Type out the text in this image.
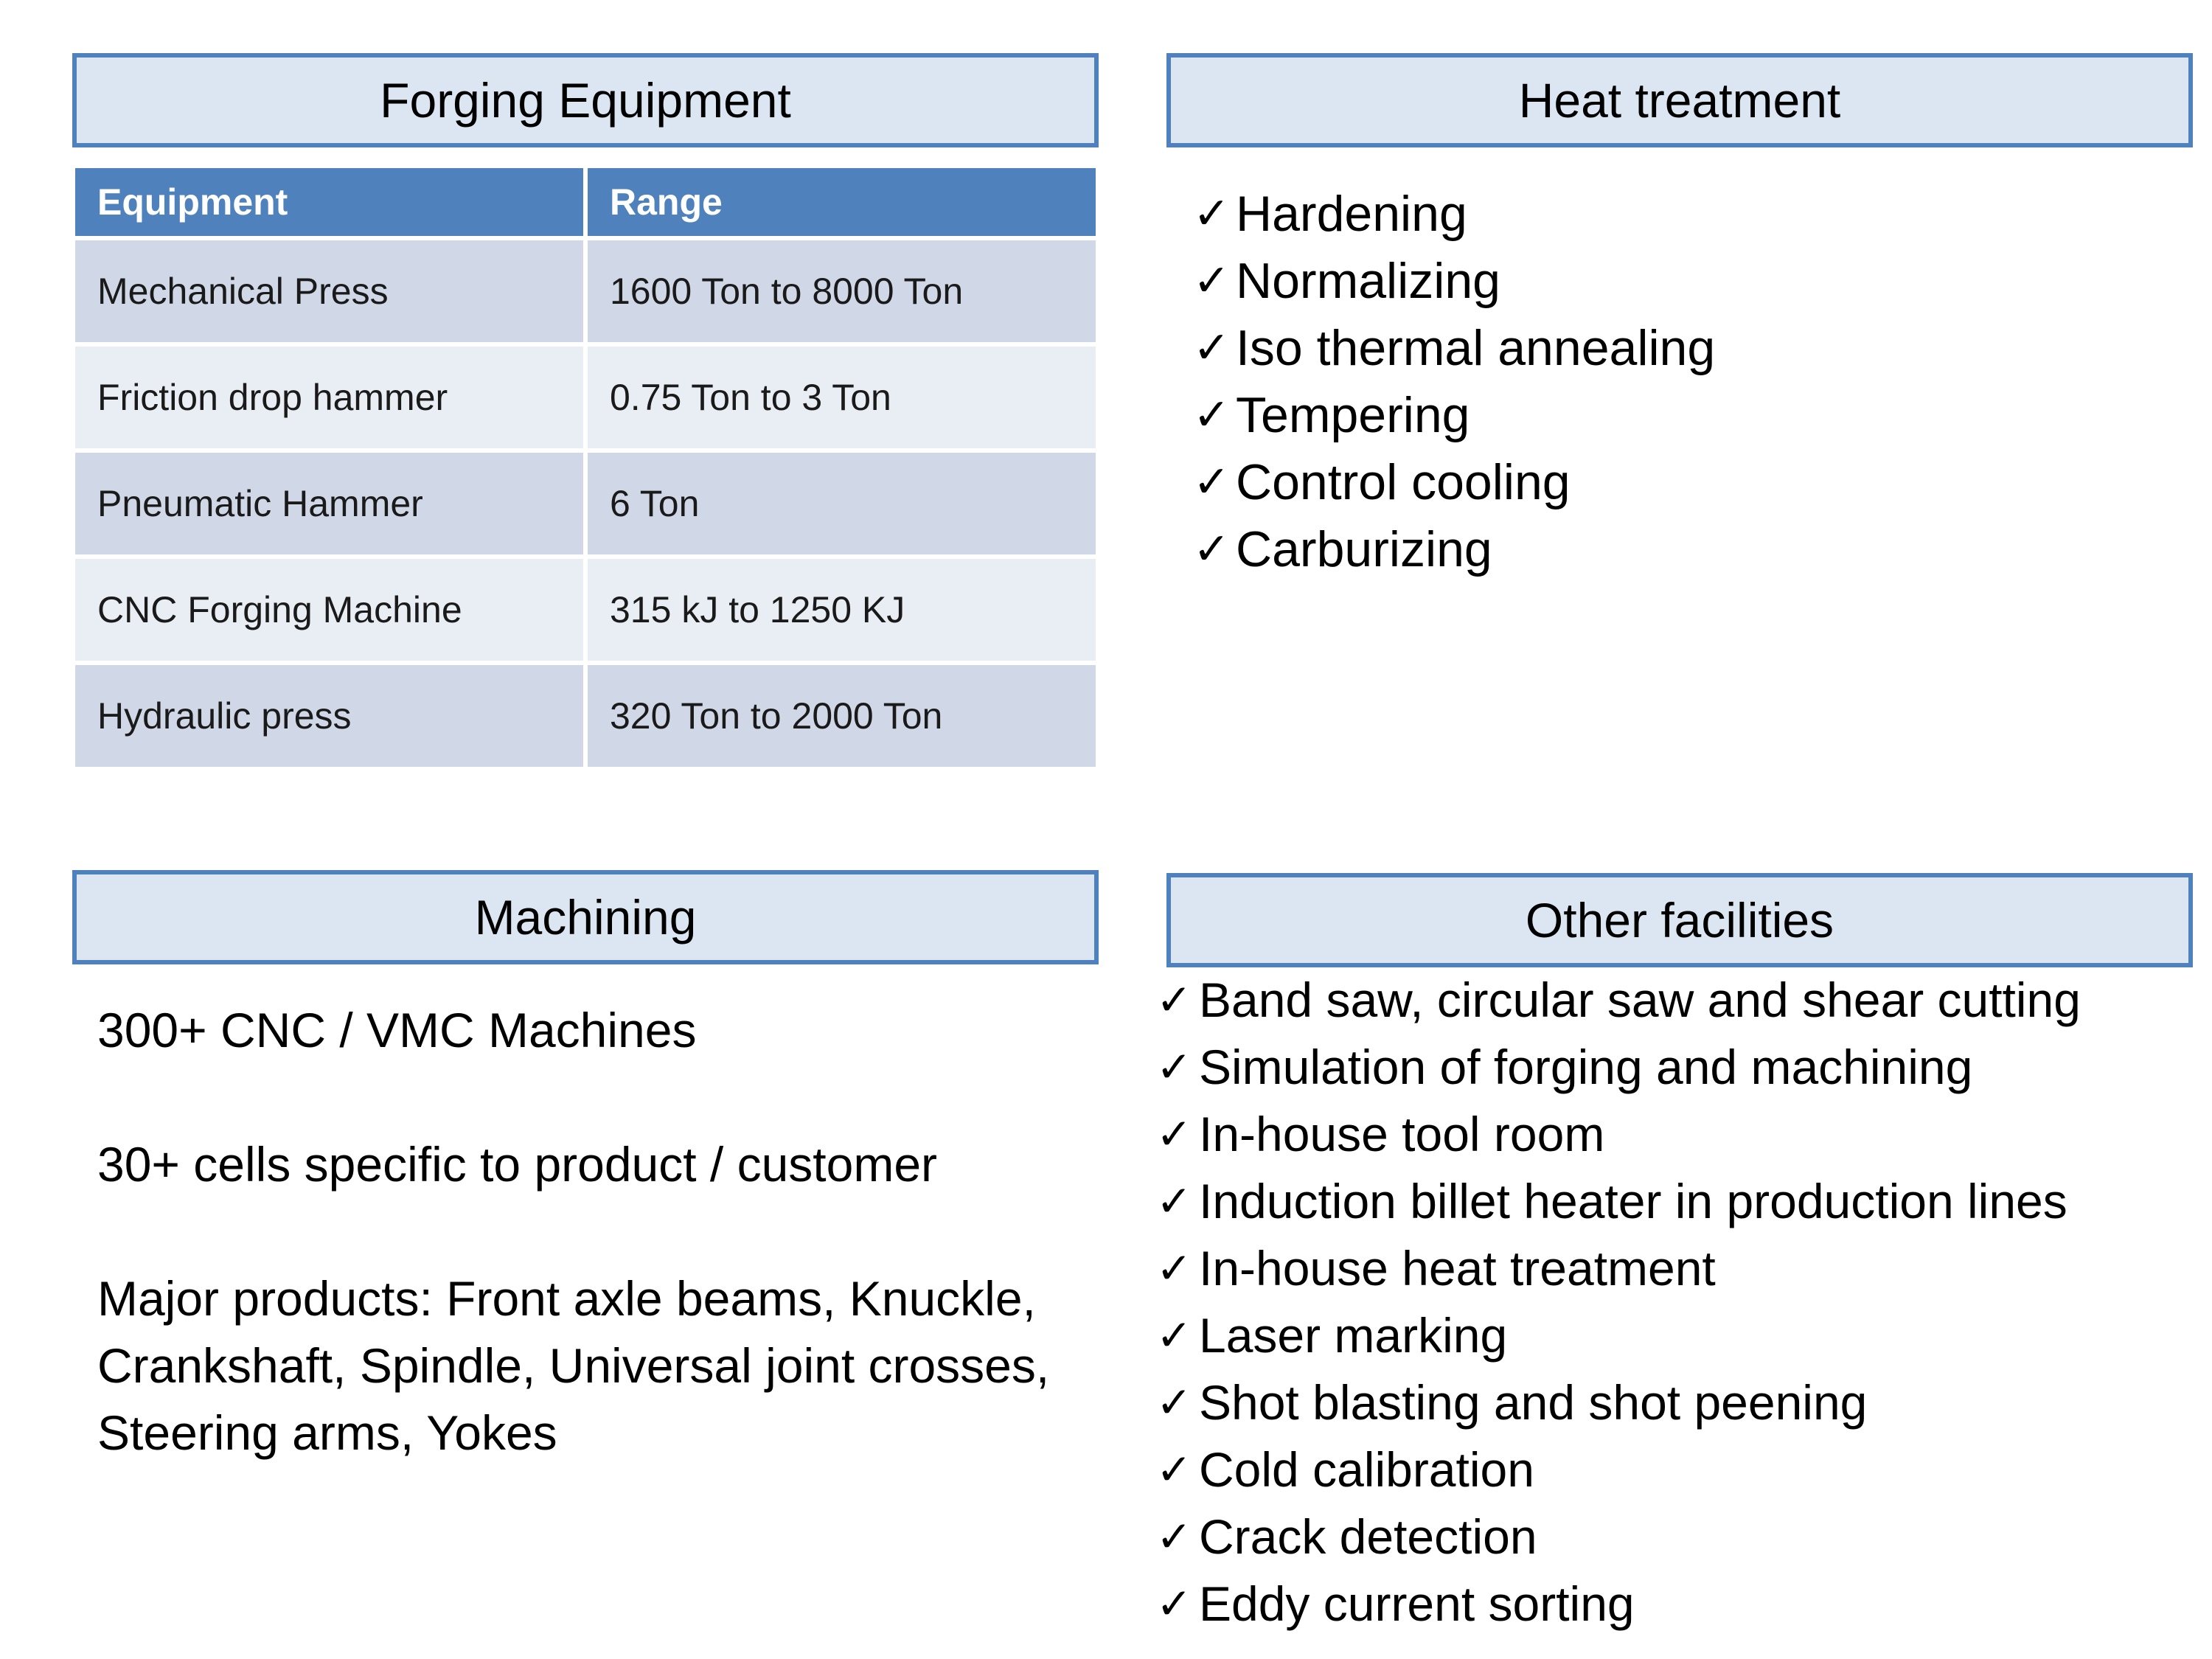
Forging Equipment
Equipment	Range
Mechanical Press	1600 Ton to 8000 Ton
Friction drop hammer	0.75 Ton to 3 Ton
Pneumatic Hammer	6 Ton
CNC Forging Machine	315 kJ to 1250 KJ
Hydraulic press	320 Ton to 2000 Ton
Heat treatment
✓ Hardening
✓ Normalizing
✓ Iso thermal annealing
✓ Tempering
✓ Control cooling
✓ Carburizing
Machining

300+ CNC / VMC Machines

30+ cells specific to product / customer

Major products: Front axle beams, Knuckle, Crankshaft, Spindle, Universal joint crosses, Steering arms, Yokes

Other facilities
✓ Band saw, circular saw and shear cutting
✓ Simulation of forging and machining
✓ In-house tool room
✓ Induction billet heater in production lines
✓ In-house heat treatment
✓ Laser marking
✓ Shot blasting and shot peening
✓ Cold calibration
✓ Crack detection
✓ Eddy current sorting
